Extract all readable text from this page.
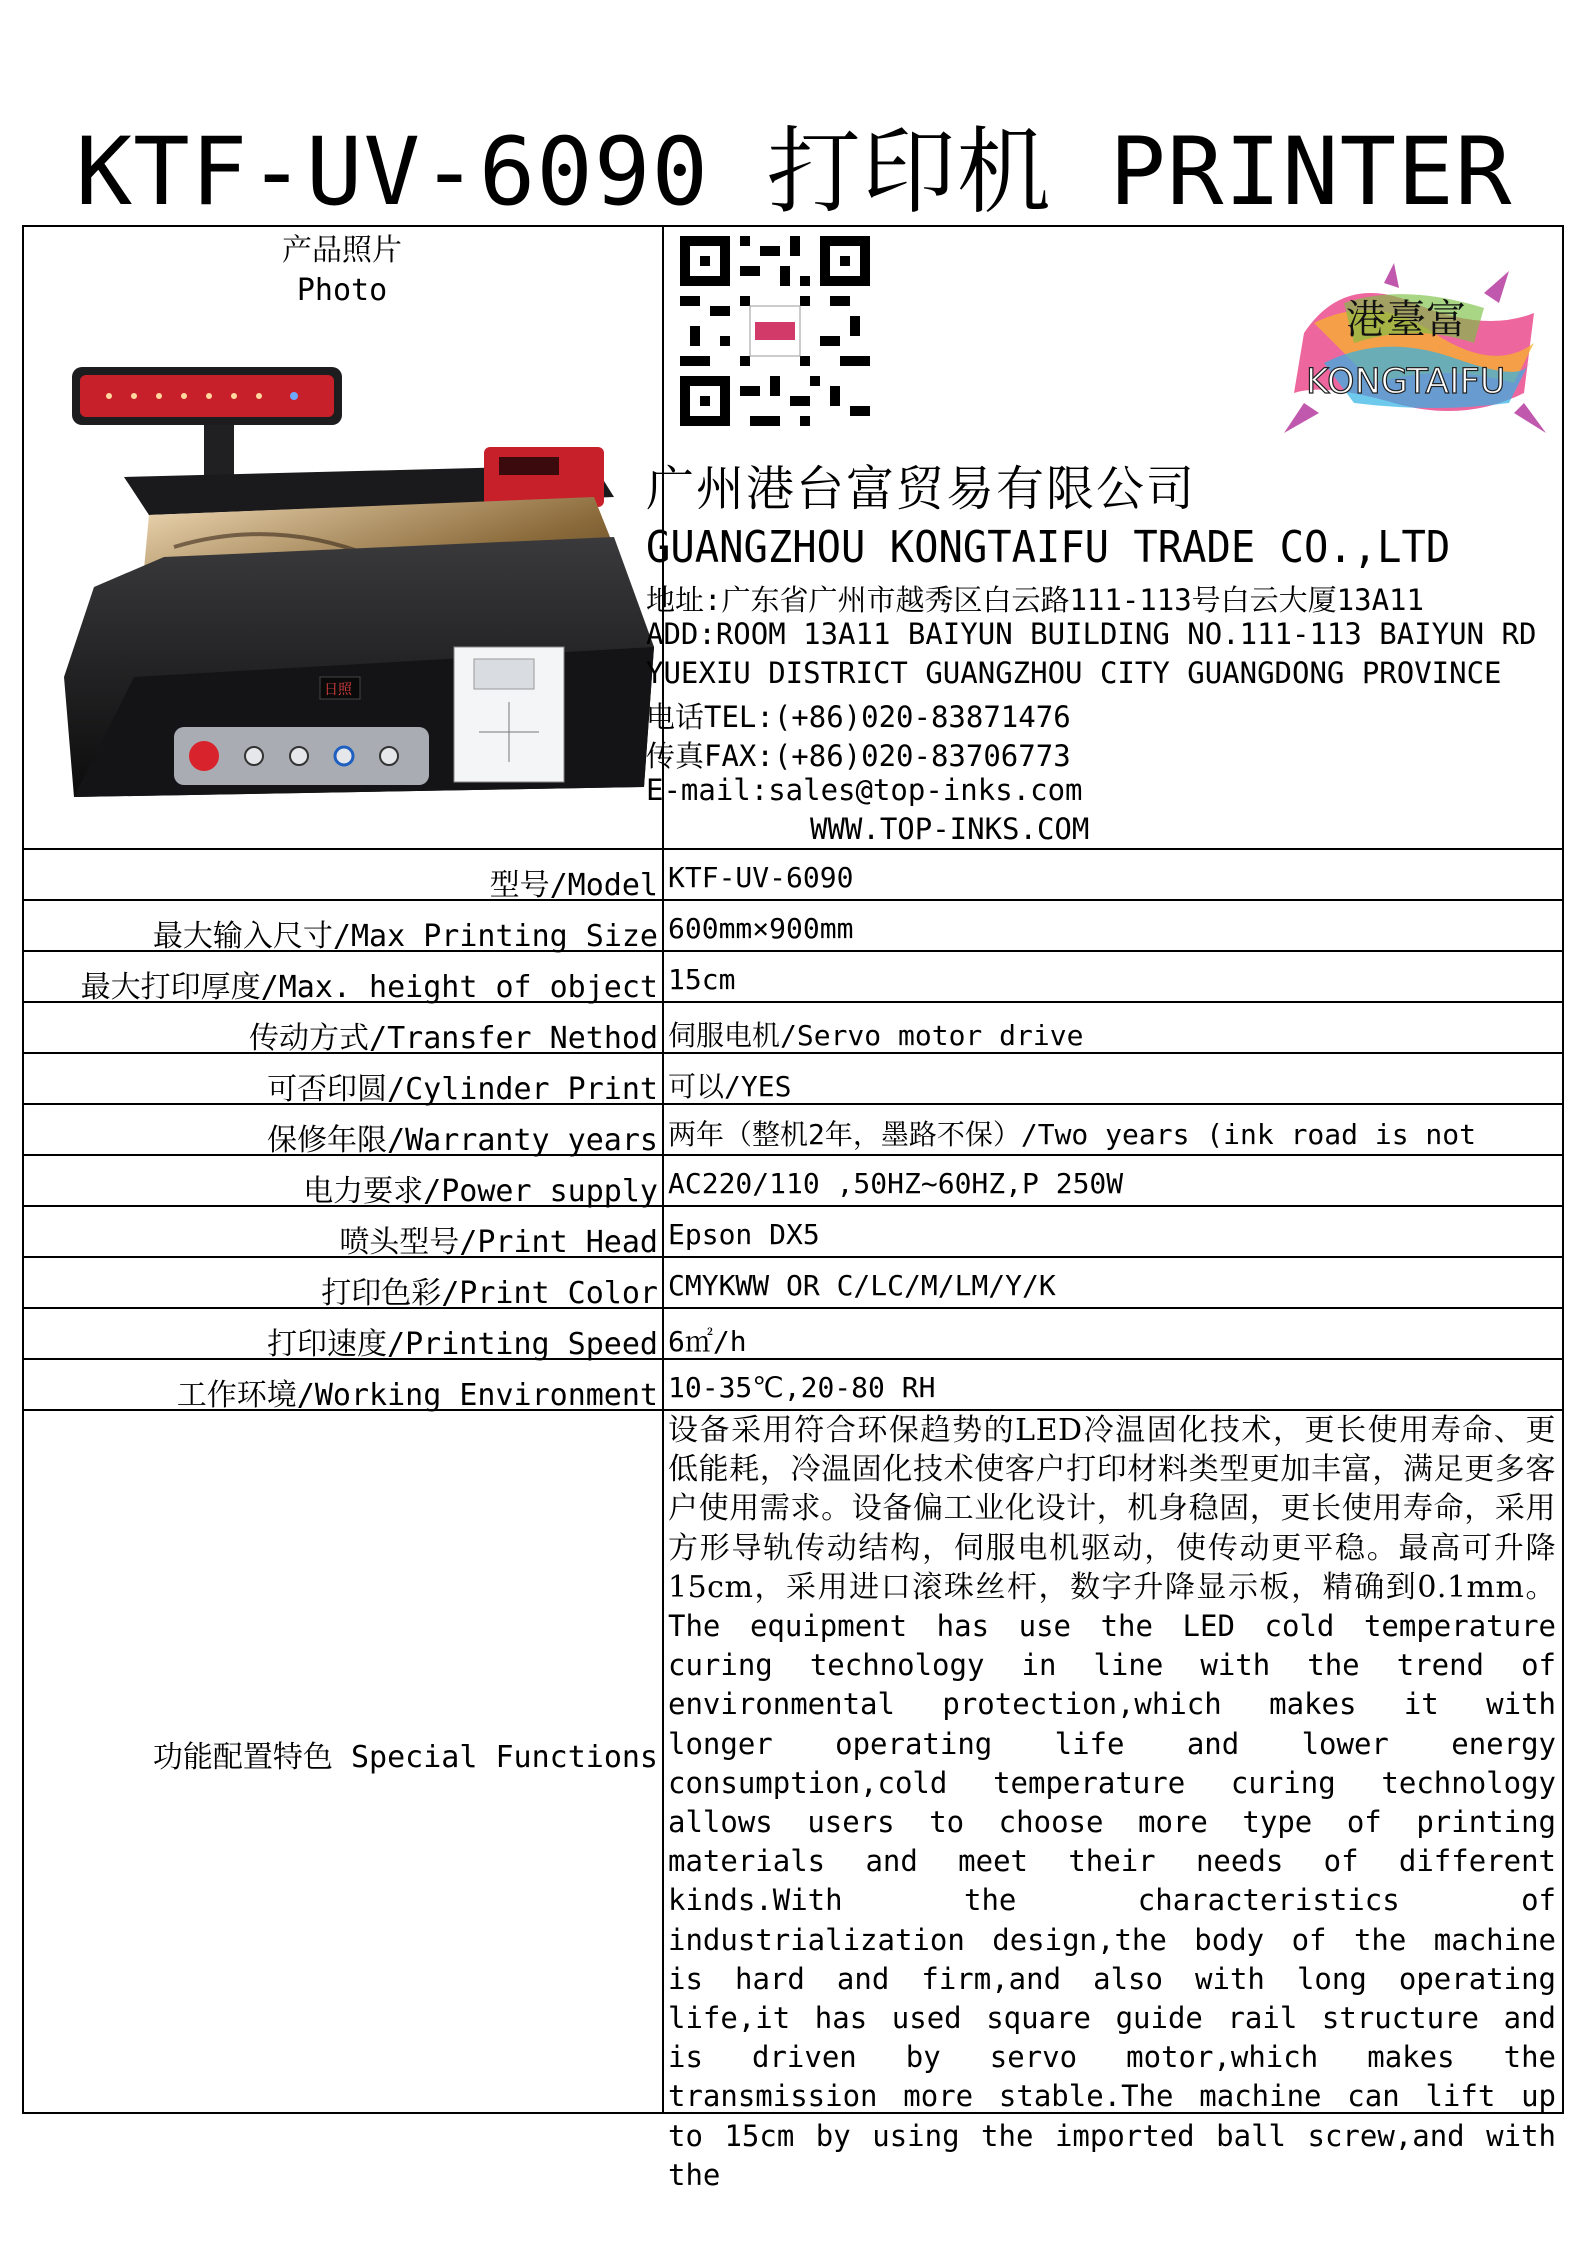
KTF-UV-6090 打印机 PRINTER
产品照片
Photo
日照
港臺富
KONGTAIFU
型号/Model
最大输入尺寸/Max Printing Size
最大打印厚度/Max. height of object
传动方式/Transfer Nethod
可否印圆/Cylinder Print
保修年限/Warranty years
电力要求/Power supply
喷头型号/Print Head
打印色彩/Print Color
打印速度/Printing Speed
工作环境/Working Environment
KTF-UV-6090
600mm×900mm
15cm
伺服电机/Servo motor drive
可以/YES
两年（整机2年，墨路不保）/Two years (ink road is not
AC220/110 ,50HZ~60HZ,P 250W
Epson DX5
CMYKWW OR C/LC/M/LM/Y/K
6㎡/h
10-35℃,20-80 RH
功能配置特色 Special Functions
设备采用符合环保趋势的LED冷温固化技术，更长使用寿命、更低能耗，冷温固化技术使客户打印材料类型更加丰富，满足更多客户使用需求。设备偏工业化设计，机身稳固，更长使用寿命，采用方形导轨传动结构，伺服电机驱动，使传动更平稳。最高可升降15cm，采用进口滚珠丝杆，数字升降显示板，精确到0.1mm。 The equipment has use the LED cold temperature curing technology in line with the trend of environmental protection,which makes it with longer operating life and lower energy consumption,cold temperature curing technology allows users to choose more type of printing materials and meet their needs of different kinds.With the characteristics of industrialization design,the body of the machine is hard and firm,and also with long operating life,it has used square guide rail structure and is driven by servo motor,which makes the transmission more stable.The machine can lift up to 15cm by using the imported ball screw,and with the
广州港台富贸易有限公司
GUANGZHOU KONGTAIFU TRADE CO.,LTD
地址:广东省广州市越秀区白云路111-113号白云大厦13A11
ADD:ROOM 13A11 BAIYUN BUILDING NO.111-113 BAIYUN RD
YUEXIU DISTRICT GUANGZHOU CITY GUANGDONG PROVINCE
电话TEL:(+86)020-83871476
传真FAX:(+86)020-83706773
E-mail:sales@top-inks.com
WWW.TOP-INKS.COM
